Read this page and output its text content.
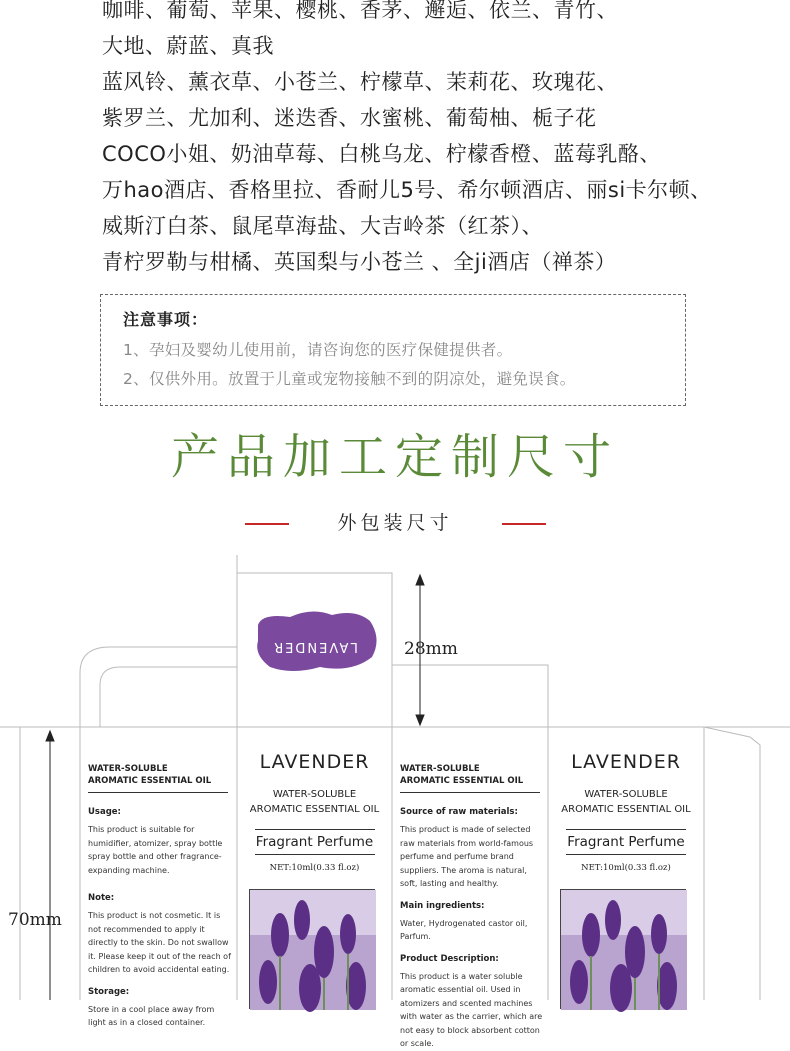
咖啡、葡萄、苹果、樱桃、香茅、邂逅、依兰、青竹、
大地、蔚蓝、真我
蓝风铃、薰衣草、小苍兰、柠檬草、茉莉花、玫瑰花、
紫罗兰、尤加利、迷迭香、水蜜桃、葡萄柚、栀子花
COCO小姐、奶油草莓、白桃乌龙、柠檬香橙、蓝莓乳酪、
万hao酒店、香格里拉、香耐儿5号、希尔顿酒店、丽si卡尔顿、
威斯汀白茶、鼠尾草海盐、大吉岭茶（红茶）、
青柠罗勒与柑橘、英国梨与小苍兰 、全ji酒店（禅茶）
注意事项：
1、孕妇及婴幼儿使用前，请咨询您的医疗保健提供者。
2、仅供外用。放置于儿童或宠物接触不到的阴凉处，避免误食。
产品加工定制尺寸
外包装尺寸
LAVENDER	28mm
70mm
WATER-SOLUBLE
AROMATIC ESSENTIAL OIL
Usage:
This product is suitable for humidifier, atomizer, spray bottle spray bottle and other fragrance-expanding machine.
Note:
This product is not cosmetic. It is not recommended to apply it directly to the skin. Do not swallow it. Please keep it out of the reach of children to avoid accidental eating.
Storage:
Store in a cool place away from light as in a closed container.
LAVENDER
WATER-SOLUBLE
AROMATIC ESSENTIAL OIL
Fragrant Perfume
NET:10ml(0.33 fl.oz)
WATER-SOLUBLE
AROMATIC ESSENTIAL OIL
Source of raw materials:
This product is made of selected raw materials from world-famous perfume and perfume brand suppliers. The aroma is natural, soft, lasting and healthy.
Main ingredients:
Water, Hydrogenated castor oil, Parfum.
Product Description:
This product is a water soluble aromatic essential oil. Used in atomizers and scented machines with water as the carrier, which are not easy to block absorbent cotton or scale.
LAVENDER
WATER-SOLUBLE
AROMATIC ESSENTIAL OIL
Fragrant Perfume
NET:10ml(0.33 fl.oz)
